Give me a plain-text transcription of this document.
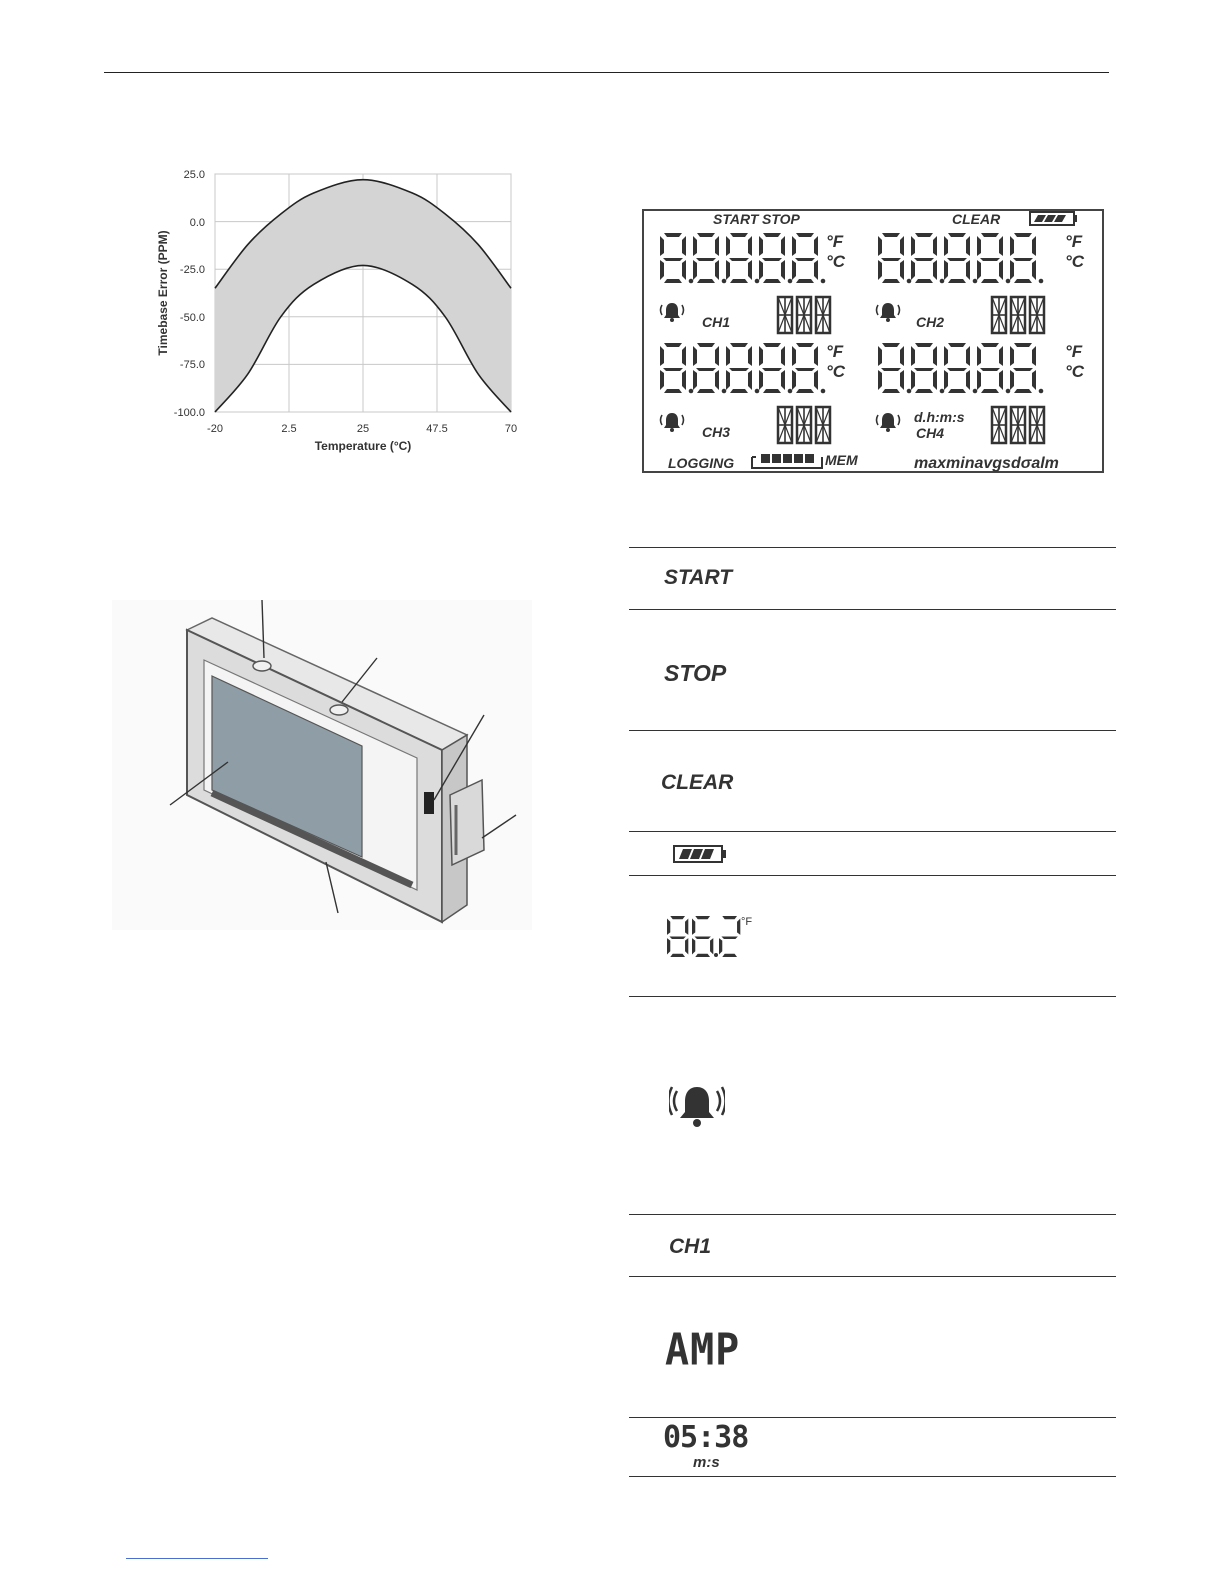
25.0
0.0
-25.0
-50.0
-75.0
-100.0
-20	2.5	25	47.5	70
Temperature (°C)
Timebase Error (PPM)
START STOP	CLEAR
°F
°C
CH1
°F
°C
CH2
°F
°C
CH3
°F
°C
d.h:m:s
CH4
LOGGING	MEM	maxminavgsdσalm
START
STOP
CLEAR
°F
CH1
AMP
05:38
m:s
